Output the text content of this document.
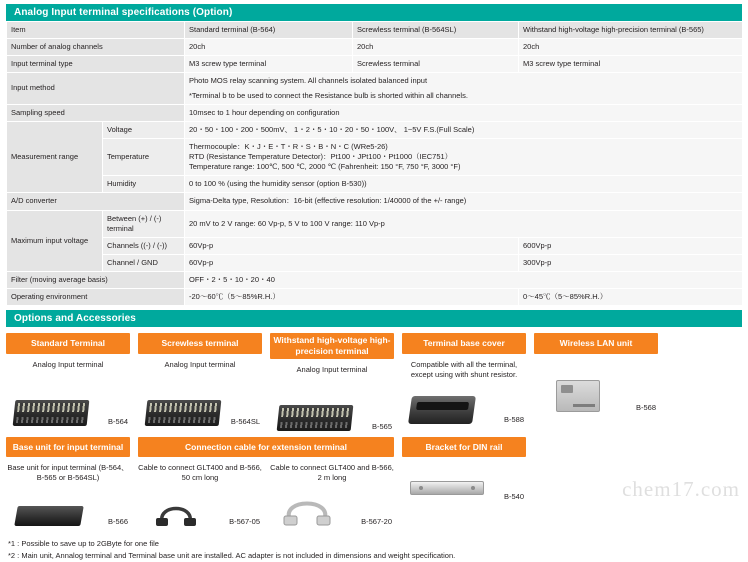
Analog Input terminal specifications (Option)
Item		Standard terminal (B-564)	Screwless terminal (B-564SL)	Withstand high-voltage high-precision terminal (B-565)
Number of analog channels		20ch	20ch	20ch
Input terminal type		M3 screw type terminal	Screwless terminal	M3 screw type terminal
Input method		Photo MOS relay scanning system. All channels isolated balanced input
*Terminal b to be used to connect the Resistance bulb is shorted within all channels.		

Sampling speed		10msec to 1 hour depending on configuration		
Measurement range	Voltage	20・50・100・200・500mV、 1・2・5・10・20・50・100V、 1~5V F.S.(Full Scale)		
	Temperature	Thermocouple：K・J・E・T・R・S・B・N・C (WRe5-26)
RTD (Resistance Temperature Detector)：Pt100・JPt100・Pt1000（IEC751）
Temperature range: 100℃, 500 ℃, 2000 ℃ (Fahrenheit: 150 °F, 750 °F, 3000 °F)		

	Humidity	0 to 100 % (using the humidity sensor (option B-530))		
A/D converter		Sigma-Delta type, Resolution：16-bit (effective resolution: 1/40000 of the +/- range)		
Maximum input voltage	Between (+) / (-) terminal	20 mV to 2 V range: 60 Vp-p, 5 V to 100 V range: 110 Vp-p		
	Channels ((-) / (-))	60Vp-p		600Vp-p
	Channel / GND	60Vp-p		300Vp-p
Filter (moving average basis)		OFF・2・5・10・20・40		
Operating environment		-20～60℃（5～85%R.H.）		0～45℃（5～85%R.H.）
Options and Accessories
Standard Terminal
Analog Input terminal
B-564
Screwless terminal
Analog Input terminal
B-564SL
Withstand high-voltage high-precision terminal
Analog Input terminal
B-565
Terminal base cover
Compatible with all the terminal, except using with shunt resistor.
B-588
Wireless LAN unit
B-568
Base unit for input terminal
Base unit for input terminal (B-564、B-565 or B-564SL)
B-566
Connection cable for extension terminal
Cable to connect GLT400 and B-566, 50 cm long
B-567-05
Cable to connect GLT400 and B-566, 2 m long
B-567-20
Bracket for DIN rail
B-540	chem17.com
*1 : Possible to save up to 2GByte for one file
*2 : Main unit, Annalog terminal and Terminal base unit are installed. AC adapter is not included in dimensions and weight specification.
